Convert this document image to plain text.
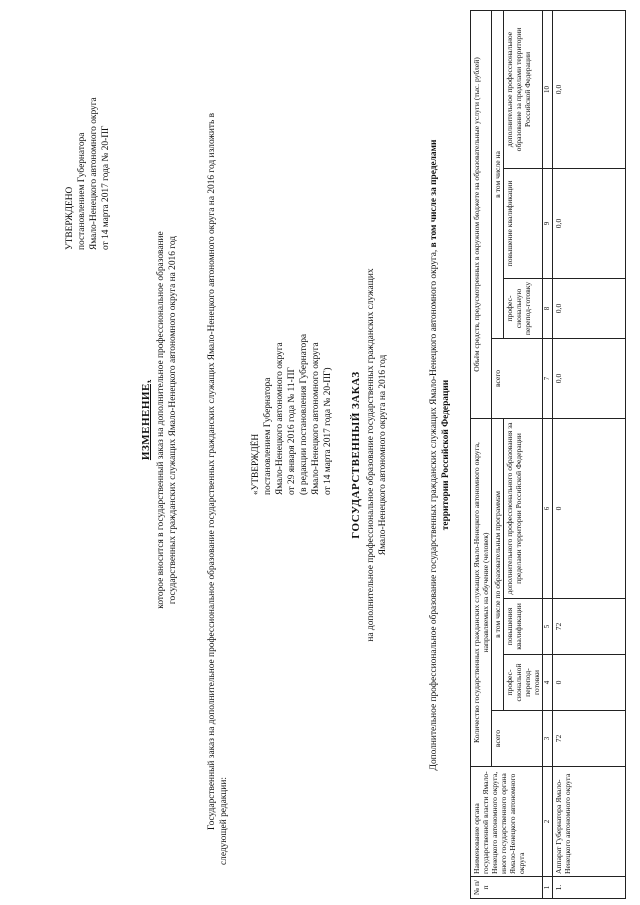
УТВЕРЖДЕНО постановлением Губернатора Ямало-Ненецкого автономного округа от 14 марта 2017 года № 20-ПГ
ИЗМЕНЕНИЕ, которое вносится в государственный заказ на дополнительное профессиональное образование государственных гражданских служащих Ямало-Ненецкого автономного округа на 2016 год	Государственный заказ на дополнительное профессиональное образование государственных гражданских служащих Ямало-Ненецкого автономного округа на 2016 год изложить в следующей редакции:
«УТВЕРЖДЁН постановлением Губернатора Ямало-Ненецкого автономного округа от 29 января 2016 года № 11-ПГ (в редакции постановления Губернатора Ямало-Ненецкого автономного округа от 14 марта 2017 года № 20-ПГ) ГОСУДАРСТВЕННЫЙ ЗАКАЗ на дополнительное профессиональное образование государственных гражданских служащих Ямало-Ненецкого автономного округа на 2016 год	Дополнительное профессиональное образование государственных гражданских служащих Ямало-Ненецкого автономного округа, в том числе за пределами
территории Российской Федерации
№ п/п	Наименование органа государственной власти Ямало-Ненецкого автономного округа, иного государственного органа Ямало-Ненецкого автономного округа	Количество государственных гражданских служащих Ямало-Ненецкого автономного округа, направляемых на обучение (человек)				Объём средств, предусмотренных в окружном бюджете на образовательные услуги (тыс. рублей)			
		всего	в том числе по образовательным программам			всего	в том числе на		
			профес-сиональной перепод-готовки	повышения квалификации	дополнительного профессионального образования за пределами территории Российской Федерации		профес-сиональную перепод-готовку	повышение квалификации	дополнительное профессиональное образование за пределами территории Российской Федерации
1	2	3	4	5	6	7	8	9	10
1.	Аппарат Губернатора Ямало-Ненецкого автономного округа	72	0	72	0	0,0	0,0	0,0	0,0
